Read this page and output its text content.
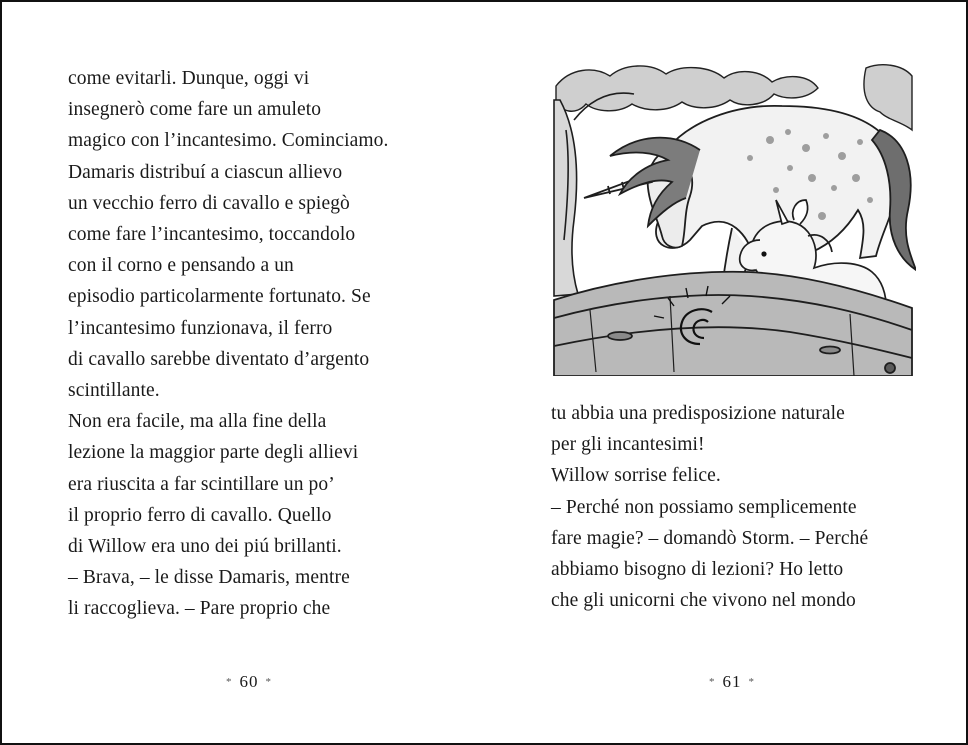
come evitarli. Dunque, oggi vi
insegnerò come fare un amuleto
magico con l’incantesimo. Cominciamo.
Damaris distribuí a ciascun allievo
un vecchio ferro di cavallo e spiegò
come fare l’incantesimo, toccandolo
con il corno e pensando a un
episodio particolarmente fortunato. Se
l’incantesimo funzionava, il ferro
di cavallo sarebbe diventato d’argento
scintillante.
Non era facile, ma alla fine della
lezione la maggior parte degli allievi
era riuscita a far scintillare un po’
il proprio ferro di cavallo. Quello
di Willow era uno dei piú brillanti.
– Brava, – le disse Damaris, mentre
li raccoglieva. – Pare proprio che
* 60 *
tu abbia una predisposizione naturale
per gli incantesimi!
Willow sorrise felice.
– Perché non possiamo semplicemente
fare magie? – domandò Storm. – Perché
abbiamo bisogno di lezioni? Ho letto
che gli unicorni che vivono nel mondo
* 61 *
